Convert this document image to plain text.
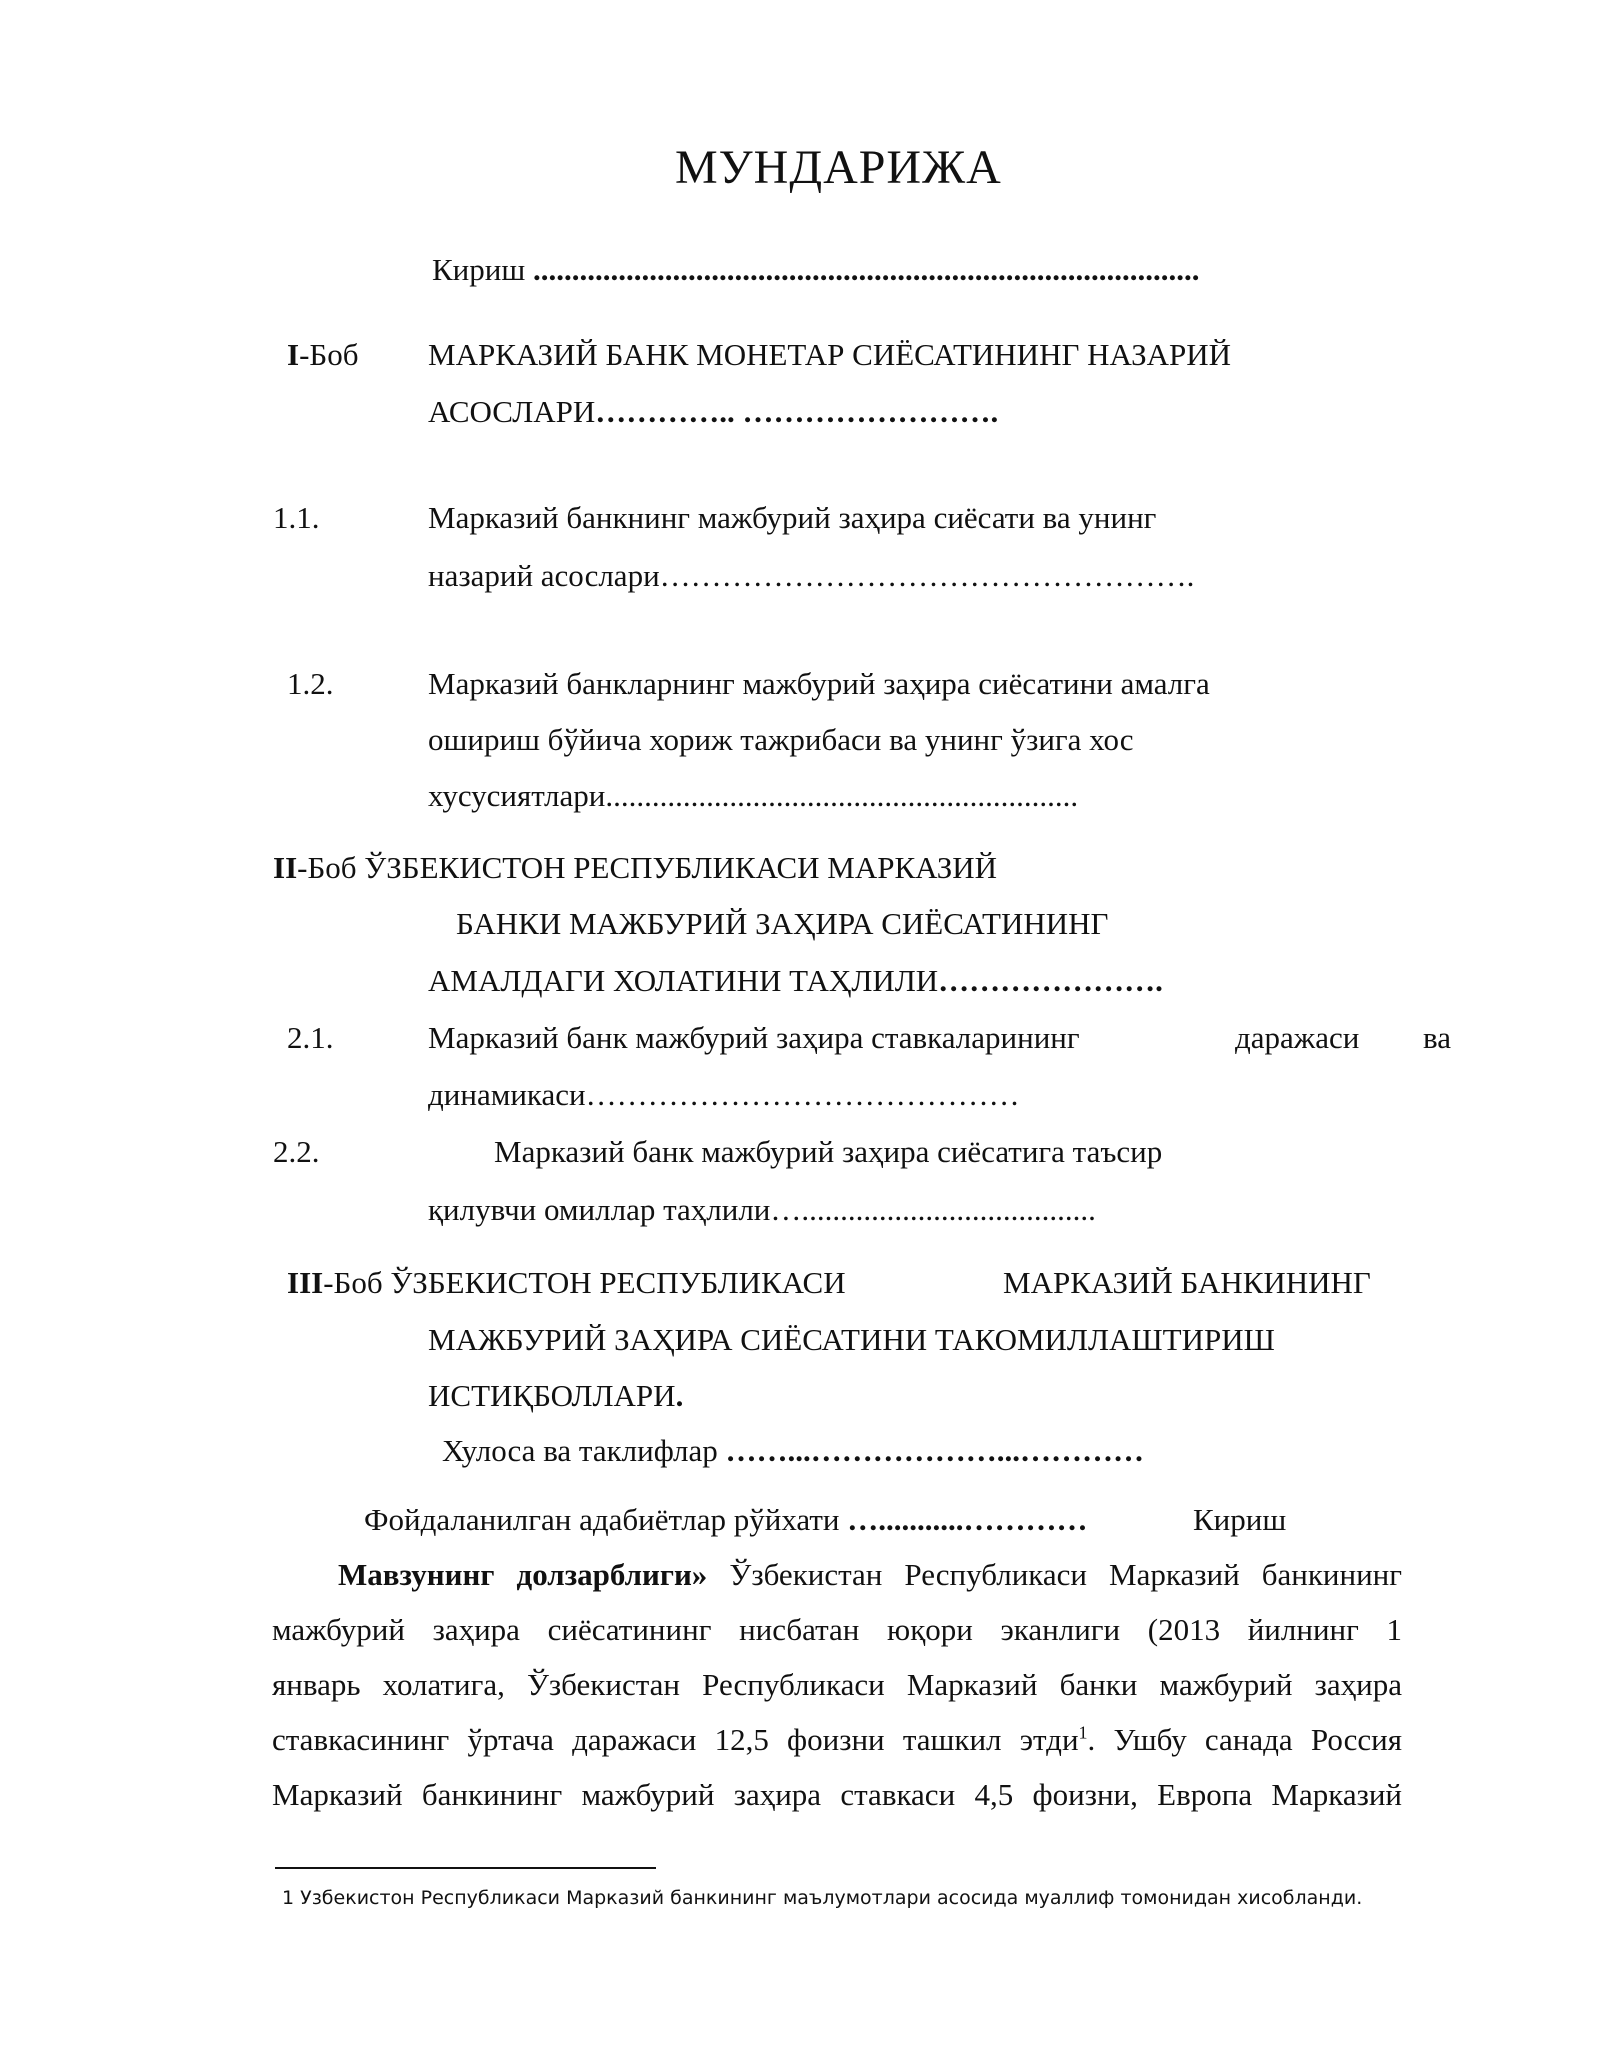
МУНДАРИЖА
Кириш ......................................................................................
I-Боб МАРКАЗИЙ БАНК МОНЕТАР СИЁСАТИНИНГ НАЗАРИЙ
АСОСЛАРИ………….. …………………….
1.1.	Марказий банкнинг мажбурий заҳира сиёсати ва унинг
назарий асослари…………………………………………….
1.2.	Марказий банкларнинг мажбурий заҳира сиёсатини амалга
ошириш бўйича хориж тажрибаси ва унинг ўзига хос
хусусиятлари.............................................................
II-Боб ЎЗБЕКИСТОН РЕСПУБЛИКАСИ МАРКАЗИЙ
БАНКИ МАЖБУРИЙ ЗАҲИРА СИЁСАТИНИНГ
АМАЛДАГИ ХОЛАТИНИ ТАҲЛИЛИ………………….
2.1.	Марказий банк мажбурий заҳира ставкаларининг	даражаси ва
динамикаси……………………………………
2.2.	Марказий банк мажбурий заҳира сиёсатига таъсир
қилувчи омиллар таҳлили…......................................
III-Боб ЎЗБЕКИСТОН РЕСПУБЛИКАСИ	МАРКАЗИЙ БАНКИНИНГ
МАЖБУРИЙ ЗАҲИРА СИЁСАТИНИ ТАКОМИЛЛАШТИРИШ
ИСТИҚБОЛЛАРИ.
Хулоса ва таклифлар ……...………………...…………
Фойдаланилган адабиётлар рўйхати …...........…………	Кириш
Мавзунинг долзарблиги» Ўзбекистан Республикаси Марказий банкининг
мажбурий заҳира сиёсатининг нисбатан юқори эканлиги (2013 йилнинг 1
январь холатига, Ўзбекистан Республикаси Марказий банки мажбурий заҳира
ставкасининг ўртача даражаси 12,5 фоизни ташкил этди$^1$. Ушбу санада Россия
Марказий банкининг мажбурий заҳира ставкаси 4,5 фоизни, Европа Марказий
1 Узбекистон Республикаси Марказий банкининг маълумотлари асосида муаллиф томонидан хисобланди.
